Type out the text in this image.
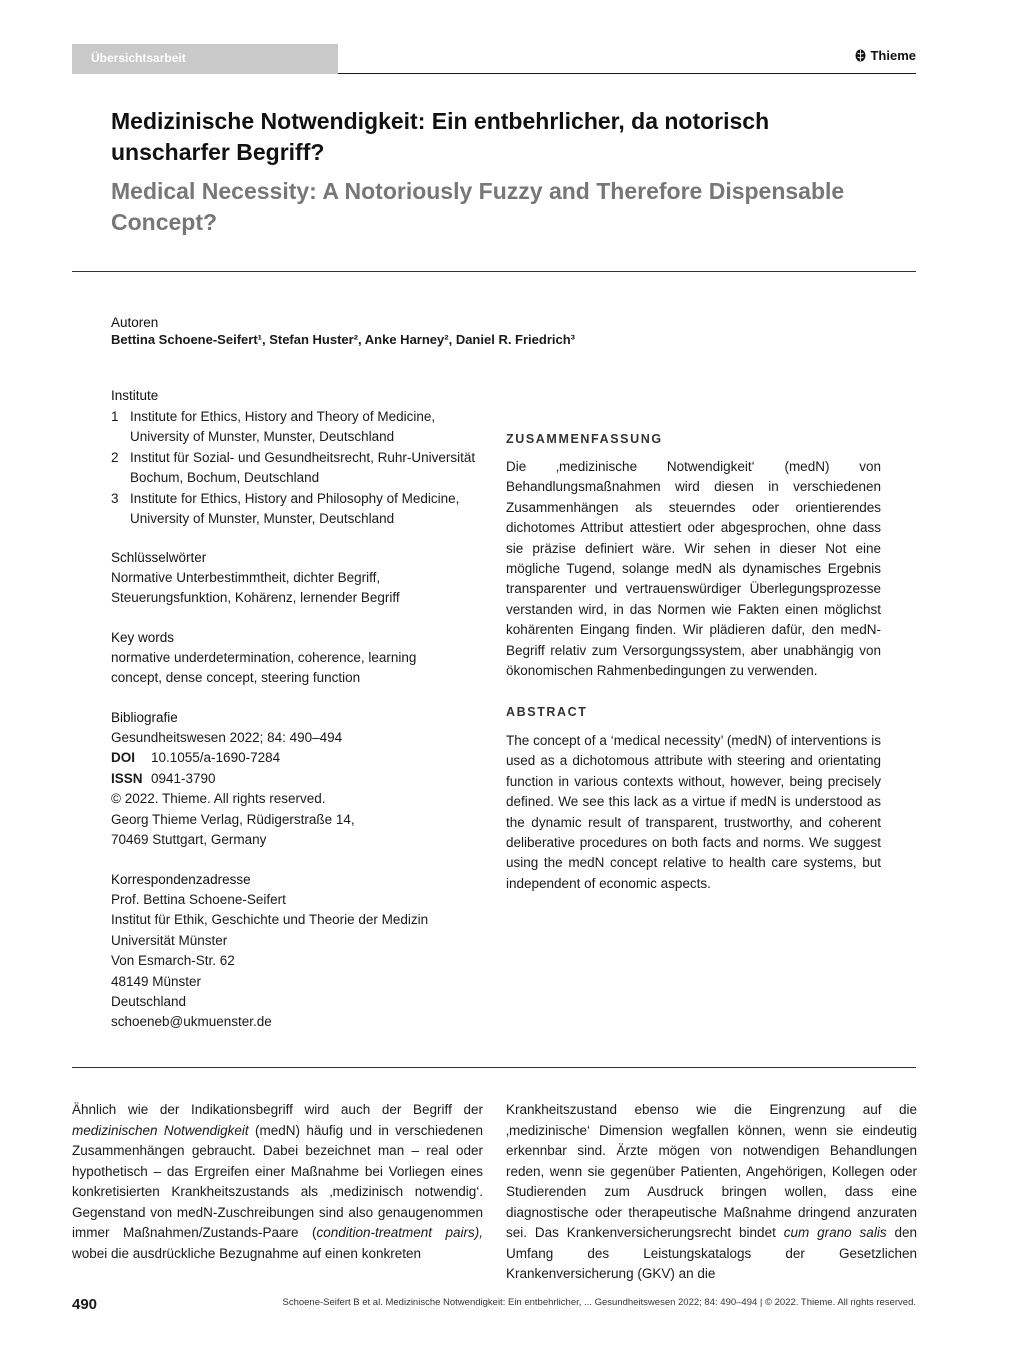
Übersichtsarbeit	Thieme
Medizinische Notwendigkeit: Ein entbehrlicher, da notorisch unscharfer Begriff?
Medical Necessity: A Notoriously Fuzzy and Therefore Dispensable Concept?
Autoren
Bettina Schoene-Seifert¹, Stefan Huster², Anke Harney², Daniel R. Friedrich³
Institute
1 Institute for Ethics, History and Theory of Medicine, University of Munster, Munster, Deutschland
2 Institut für Sozial- und Gesundheitsrecht, Ruhr-Universität Bochum, Bochum, Deutschland
3 Institute for Ethics, History and Philosophy of Medicine, University of Munster, Munster, Deutschland
Schlüsselwörter
Normative Unterbestimmtheit, dichter Begriff, Steuerungsfunktion, Kohärenz, lernender Begriff
Key words
normative underdetermination, coherence, learning concept, dense concept, steering function
Bibliografie
Gesundheitswesen 2022; 84: 490–494
DOI 10.1055/a-1690-7284
ISSN 0941-3790
© 2022. Thieme. All rights reserved.
Georg Thieme Verlag, Rüdigerstraße 14,
70469 Stuttgart, Germany
Korrespondenzadresse
Prof. Bettina Schoene-Seifert
Institut für Ethik, Geschichte und Theorie der Medizin
Universität Münster
Von Esmarch-Str. 62
48149 Münster
Deutschland
schoeneb@ukmuenster.de
ZUSAMMENFASSUNG
Die ‚medizinische Notwendigkeit‘ (medN) von Behandlungsmaßnahmen wird diesen in verschiedenen Zusammenhängen als steuerndes oder orientierendes dichotomes Attribut attestiert oder abgesprochen, ohne dass sie präzise definiert wäre. Wir sehen in dieser Not eine mögliche Tugend, solange medN als dynamisches Ergebnis transparenter und vertrauenswürdiger Überlegungsprozesse verstanden wird, in das Normen wie Fakten einen möglichst kohärenten Eingang finden. Wir plädieren dafür, den medN-Begriff relativ zum Versorgungssystem, aber unabhängig von ökonomischen Rahmenbedingungen zu verwenden.
ABSTRACT
The concept of a ‘medical necessity’ (medN) of interventions is used as a dichotomous attribute with steering and orientating function in various contexts without, however, being precisely defined. We see this lack as a virtue if medN is understood as the dynamic result of transparent, trustworthy, and coherent deliberative procedures on both facts and norms. We suggest using the medN concept relative to health care systems, but independent of economic aspects.
Ähnlich wie der Indikationsbegriff wird auch der Begriff der medizinischen Notwendigkeit (medN) häufig und in verschiedenen Zusammenhängen gebraucht. Dabei bezeichnet man – real oder hypothetisch – das Ergreifen einer Maßnahme bei Vorliegen eines konkretisierten Krankheitszustands als ‚medizinisch notwendig‘. Gegenstand von medN-Zuschreibungen sind also genaugenommen immer Maßnahmen/Zustands-Paare (condition-treatment pairs), wobei die ausdrückliche Bezugnahme auf einen konkreten
Krankheitszustand ebenso wie die Eingrenzung auf die ‚medizinische‘ Dimension wegfallen können, wenn sie eindeutig erkennbar sind. Ärzte mögen von notwendigen Behandlungen reden, wenn sie gegenüber Patienten, Angehörigen, Kollegen oder Studierenden zum Ausdruck bringen wollen, dass eine diagnostische oder therapeutische Maßnahme dringend anzuraten sei. Das Krankenversicherungsrecht bindet cum grano salis den Umfang des Leistungskatalogs der Gesetzlichen Krankenversicherung (GKV) an die
490	Schoene-Seifert B et al. Medizinische Notwendigkeit: Ein entbehrlicher, ... Gesundheitswesen 2022; 84: 490–494 | © 2022. Thieme. All rights reserved.
